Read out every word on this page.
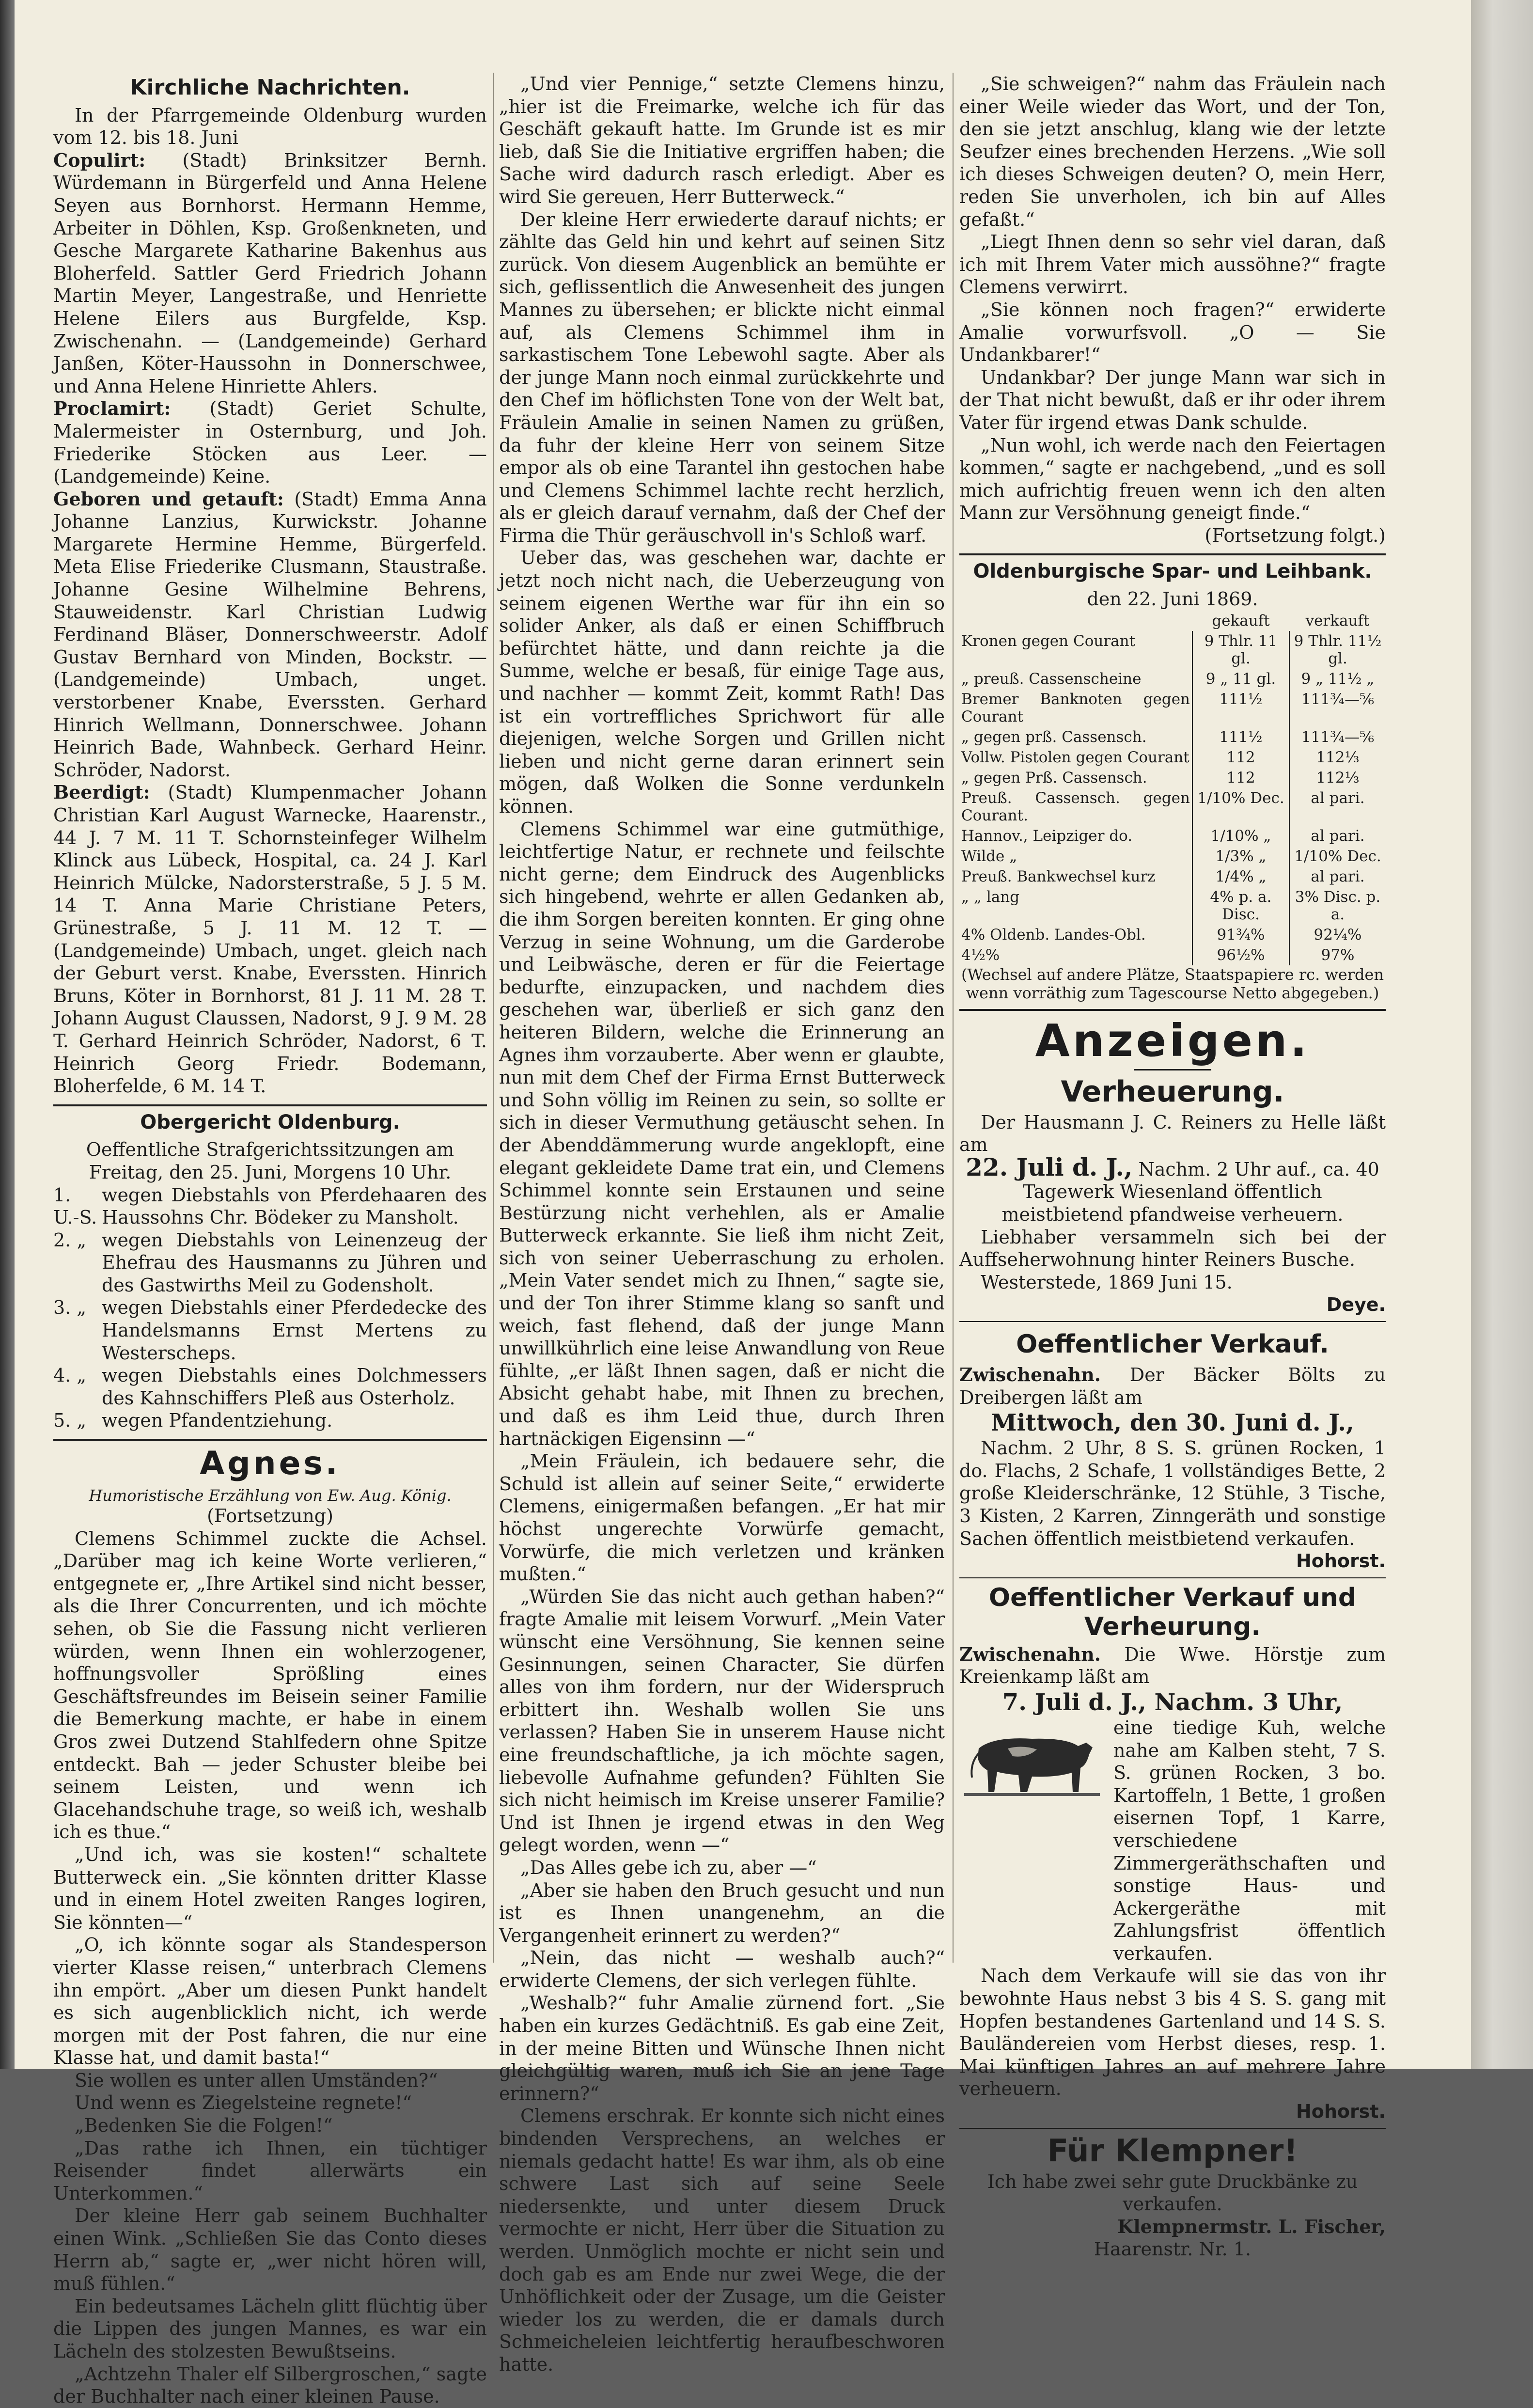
Kirchliche Nachrichten.

In der Pfarrgemeinde Oldenburg wurden vom 12. bis 18. Juni

Copulirt: (Stadt) Brinksitzer Bernh. Würdemann in Bürgerfeld und Anna Helene Seyen aus Bornhorst. Hermann Hemme, Arbeiter in Döhlen, Ksp. Großenkneten, und Gesche Margarete Katharine Bakenhus aus Bloherfeld. Sattler Gerd Friedrich Johann Martin Meyer, Langestraße, und Henriette Helene Eilers aus Burgfelde, Ksp. Zwischenahn. — (Landgemeinde) Gerhard Janßen, Köter-Haussohn in Donnerschwee, und Anna Helene Hinriette Ahlers.

Proclamirt: (Stadt) Geriet Schulte, Malermeister in Osternburg, und Joh. Friederike Stöcken aus Leer. — (Landgemeinde) Keine.

Geboren und getauft: (Stadt) Emma Anna Johanne Lanzius, Kurwickstr. Johanne Margarete Hermine Hemme, Bürgerfeld. Meta Elise Friederike Clusmann, Staustraße. Johanne Gesine Wilhelmine Behrens, Stauweidenstr. Karl Christian Ludwig Ferdinand Bläser, Donnerschweerstr. Adolf Gustav Bernhard von Minden, Bockstr. — (Landgemeinde) Umbach, unget. verstorbener Knabe, Everssten. Gerhard Hinrich Wellmann, Donnerschwee. Johann Heinrich Bade, Wahnbeck. Gerhard Heinr. Schröder, Nadorst.

Beerdigt: (Stadt) Klumpenmacher Johann Christian Karl August Warnecke, Haarenstr., 44 J. 7 M. 11 T. Schornsteinfeger Wilhelm Klinck aus Lübeck, Hospital, ca. 24 J. Karl Heinrich Mülcke, Nadorsterstraße, 5 J. 5 M. 14 T. Anna Marie Christiane Peters, Grünestraße, 5 J. 11 M. 12 T. — (Landgemeinde) Umbach, unget. gleich nach der Geburt verst. Knabe, Everssten. Hinrich Bruns, Köter in Bornhorst, 81 J. 11 M. 28 T. Johann August Claussen, Nadorst, 9 J. 9 M. 28 T. Gerhard Heinrich Schröder, Nadorst, 6 T. Heinrich Georg Friedr. Bodemann, Bloherfelde, 6 M. 14 T.

Obergericht Oldenburg.

Oeffentliche Strafgerichtssitzungen am Freitag, den 25. Juni, Morgens 10 Uhr.

1. U.-S.
wegen Diebstahls von Pferdehaaren des Haussohns Chr. Bödeker zu Mansholt.
2. „ wegen Diebstahls von Leinenzeug der Ehefrau des Hausmanns zu Jühren und des Gastwirths Meil zu Godensholt.
3. „ wegen Diebstahls einer Pferdedecke des Handelsmanns Ernst Mertens zu Westerscheps.
4. „ wegen Diebstahls eines Dolchmessers des Kahnschiffers Pleß aus Osterholz.
5. „ wegen Pfandentziehung.
Agnes.

Humoristische Erzählung von Ew. Aug. König.

(Fortsetzung)

Clemens Schimmel zuckte die Achsel. „Darüber mag ich keine Worte verlieren,“ entgegnete er, „Ihre Artikel sind nicht besser, als die Ihrer Concurrenten, und ich möchte sehen, ob Sie die Fassung nicht verlieren würden, wenn Ihnen ein wohlerzogener, hoffnungsvoller Sprößling eines Geschäftsfreundes im Beisein seiner Familie die Bemerkung machte, er habe in einem Gros zwei Dutzend Stahlfedern ohne Spitze entdeckt. Bah — jeder Schuster bleibe bei seinem Leisten, und wenn ich Glacehandschuhe trage, so weiß ich, weshalb ich es thue.“

„Und ich, was sie kosten!“ schaltete Butterweck ein. „Sie könnten dritter Klasse und in einem Hotel zweiten Ranges logiren, Sie könnten—“

„O, ich könnte sogar als Standesperson vierter Klasse reisen,“ unterbrach Clemens ihn empört. „Aber um diesen Punkt handelt es sich augenblicklich nicht, ich werde morgen mit der Post fahren, die nur eine Klasse hat, und damit basta!“

Sie wollen es unter allen Umständen?“

Und wenn es Ziegelsteine regnete!“

„Bedenken Sie die Folgen!“

„Das rathe ich Ihnen, ein tüchtiger Reisender findet allerwärts ein Unterkommen.“

Der kleine Herr gab seinem Buchhalter einen Wink. „Schließen Sie das Conto dieses Herrn ab,“ sagte er, „wer nicht hören will, muß fühlen.“

Ein bedeutsames Lächeln glitt flüchtig über die Lippen des jungen Mannes, es war ein Lächeln des stolzesten Bewußtseins.

„Achtzehn Thaler elf Silbergroschen,“ sagte der Buchhalter nach einer kleinen Pause.

„Und vier Pennige,“ setzte Clemens hinzu, „hier ist die Freimarke, welche ich für das Geschäft gekauft hatte. Im Grunde ist es mir lieb, daß Sie die Initiative ergriffen haben; die Sache wird dadurch rasch erledigt. Aber es wird Sie gereuen, Herr Butterweck.“

Der kleine Herr erwiederte darauf nichts; er zählte das Geld hin und kehrt auf seinen Sitz zurück. Von diesem Augenblick an bemühte er sich, geflissentlich die Anwesenheit des jungen Mannes zu übersehen; er blickte nicht einmal auf, als Clemens Schimmel ihm in sarkastischem Tone Lebewohl sagte. Aber als der junge Mann noch einmal zurückkehrte und den Chef im höflichsten Tone von der Welt bat, Fräulein Amalie in seinen Namen zu grüßen, da fuhr der kleine Herr von seinem Sitze empor als ob eine Tarantel ihn gestochen habe und Clemens Schimmel lachte recht herzlich, als er gleich darauf vernahm, daß der Chef der Firma die Thür geräuschvoll in's Schloß warf.

Ueber das, was geschehen war, dachte er jetzt noch nicht nach, die Ueberzeugung von seinem eigenen Werthe war für ihn ein so solider Anker, als daß er einen Schiffbruch befürchtet hätte, und dann reichte ja die Summe, welche er besaß, für einige Tage aus, und nachher — kommt Zeit, kommt Rath! Das ist ein vortreffliches Sprichwort für alle diejenigen, welche Sorgen und Grillen nicht lieben und nicht gerne daran erinnert sein mögen, daß Wolken die Sonne verdunkeln können.

Clemens Schimmel war eine gutmüthige, leichtfertige Natur, er rechnete und feilschte nicht gerne; dem Eindruck des Augenblicks sich hingebend, wehrte er allen Gedanken ab, die ihm Sorgen bereiten konnten. Er ging ohne Verzug in seine Wohnung, um die Garderobe und Leibwäsche, deren er für die Feiertage bedurfte, einzupacken, und nachdem dies geschehen war, überließ er sich ganz den heiteren Bildern, welche die Erinnerung an Agnes ihm vorzauberte. Aber wenn er glaubte, nun mit dem Chef der Firma Ernst Butterweck und Sohn völlig im Reinen zu sein, so sollte er sich in dieser Vermuthung getäuscht sehen. In der Abenddämmerung wurde angeklopft, eine elegant gekleidete Dame trat ein, und Clemens Schimmel konnte sein Erstaunen und seine Bestürzung nicht verhehlen, als er Amalie Butterweck erkannte. Sie ließ ihm nicht Zeit, sich von seiner Ueberraschung zu erholen. „Mein Vater sendet mich zu Ihnen,“ sagte sie, und der Ton ihrer Stimme klang so sanft und weich, fast flehend, daß der junge Mann unwillkührlich eine leise Anwandlung von Reue fühlte, „er läßt Ihnen sagen, daß er nicht die Absicht gehabt habe, mit Ihnen zu brechen, und daß es ihm Leid thue, durch Ihren hartnäckigen Eigensinn —“

„Mein Fräulein, ich bedauere sehr, die Schuld ist allein auf seiner Seite,“ erwiderte Clemens, einigermaßen befangen. „Er hat mir höchst ungerechte Vorwürfe gemacht, Vorwürfe, die mich verletzen und kränken mußten.“

„Würden Sie das nicht auch gethan haben?“ fragte Amalie mit leisem Vorwurf. „Mein Vater wünscht eine Versöhnung, Sie kennen seine Gesinnungen, seinen Character, Sie dürfen alles von ihm fordern, nur der Widerspruch erbittert ihn. Weshalb wollen Sie uns verlassen? Haben Sie in unserem Hause nicht eine freundschaftliche, ja ich möchte sagen, liebevolle Aufnahme gefunden? Fühlten Sie sich nicht heimisch im Kreise unserer Familie? Und ist Ihnen je irgend etwas in den Weg gelegt worden, wenn —“

„Das Alles gebe ich zu, aber —“

„Aber sie haben den Bruch gesucht und nun ist es Ihnen unangenehm, an die Vergangenheit erinnert zu werden?“

„Nein, das nicht — weshalb auch?“ erwiderte Clemens, der sich verlegen fühlte.

„Weshalb?“ fuhr Amalie zürnend fort. „Sie haben ein kurzes Gedächtniß. Es gab eine Zeit, in der meine Bitten und Wünsche Ihnen nicht gleichgültig waren, muß ich Sie an jene Tage erinnern?“

Clemens erschrak. Er konnte sich nicht eines bindenden Versprechens, an welches er niemals gedacht hatte! Es war ihm, als ob eine schwere Last sich auf seine Seele niedersenkte, und unter diesem Druck vermochte er nicht, Herr über die Situation zu werden. Unmöglich mochte er nicht sein und doch gab es am Ende nur zwei Wege, die der Unhöflichkeit oder der Zusage, um die Geister wieder los zu werden, die er damals durch Schmeicheleien leichtfertig heraufbeschworen hatte.

„Sie schweigen?“ nahm das Fräulein nach einer Weile wieder das Wort, und der Ton, den sie jetzt anschlug, klang wie der letzte Seufzer eines brechenden Herzens. „Wie soll ich dieses Schweigen deuten? O, mein Herr, reden Sie unverholen, ich bin auf Alles gefaßt.“

„Liegt Ihnen denn so sehr viel daran, daß ich mit Ihrem Vater mich aussöhne?“ fragte Clemens verwirrt.

„Sie können noch fragen?“ erwiderte Amalie vorwurfsvoll. „O — Sie Undankbarer!“

Undankbar? Der junge Mann war sich in der That nicht bewußt, daß er ihr oder ihrem Vater für irgend etwas Dank schulde.

„Nun wohl, ich werde nach den Feiertagen kommen,“ sagte er nachgebend, „und es soll mich aufrichtig freuen wenn ich den alten Mann zur Versöhnung geneigt finde.“

(Fortsetzung folgt.)

Oldenburgische Spar- und Leihbank.

den 22. Juni 1869.

	gekauft	verkauft
Kronen gegen Courant	9 Thlr. 11 gl.	9 Thlr. 11½ gl.
„ preuß. Cassenscheine	9 „ 11 gl.	9 „ 11½ „
Bremer Banknoten gegen Courant	111½	111¾—⅚
„ gegen prß. Cassensch.	111½	111¾—⅚
Vollw. Pistolen gegen Courant	112	112⅓
„ gegen Prß. Cassensch.	112	112⅓
Preuß. Cassensch. gegen Courant.	1/10% Dec.	al pari.
Hannov., Leipziger do.	1/10% „	al pari.
Wilde „	1/3% „	1/10% Dec.
Preuß. Bankwechsel kurz	1/4% „	al pari.
„ „ lang	4% p. a. Disc.	3% Disc. p. a.
4% Oldenb. Landes-Obl.	91¾%	92¼%
4½%	96½%	97%

(Wechsel auf andere Plätze, Staatspapiere rc. werden wenn vorräthig zum Tagescourse Netto abgegeben.)

Anzeigen.
Verheuerung.

Der Hausmann J. C. Reiners zu Helle läßt am

22. Juli d. J., Nachm. 2 Uhr auf., ca. 40 Tagewerk Wiesenland öffentlich meistbietend pfandweise verheuern.

Liebhaber versammeln sich bei der Auffseherwohnung hinter Reiners Busche.

Westerstede, 1869 Juni 15.

Deye.
Oeffentlicher Verkauf.

Zwischenahn. Der Bäcker Bölts zu Dreibergen läßt am

Mittwoch, den 30. Juni d. J.,

Nachm. 2 Uhr, 8 S. S. grünen Rocken, 1 do. Flachs, 2 Schafe, 1 vollständiges Bette, 2 große Kleiderschränke, 12 Stühle, 3 Tische, 3 Kisten, 2 Karren, Zinngeräth und sonstige Sachen öffentlich meistbietend verkaufen.

Hohorst.
Oeffentlicher Verkauf und Verheurung.

Zwischenahn. Die Wwe. Hörstje zum Kreienkamp läßt am

7. Juli d. J., Nachm. 3 Uhr,

eine tiedige Kuh, welche nahe am Kalben steht, 7 S. S. grünen Rocken, 3 bo. Kartoffeln, 1 Bette, 1 großen eisernen Topf, 1 Karre, verschiedene Zimmergeräthschaften und sonstige Haus- und Ackergeräthe mit Zahlungsfrist öffentlich verkaufen.

Nach dem Verkaufe will sie das von ihr bewohnte Haus nebst 3 bis 4 S. S. gang mit Hopfen bestandenes Gartenland und 14 S. S. Bauländereien vom Herbst dieses, resp. 1. Mai künftigen Jahres an auf mehrere Jahre verheuern.

Hohorst.
Für Klempner!

Ich habe zwei sehr gute Druckbänke zu verkaufen.

Klempnermstr. L. Fischer,

Haarenstr. Nr. 1.
